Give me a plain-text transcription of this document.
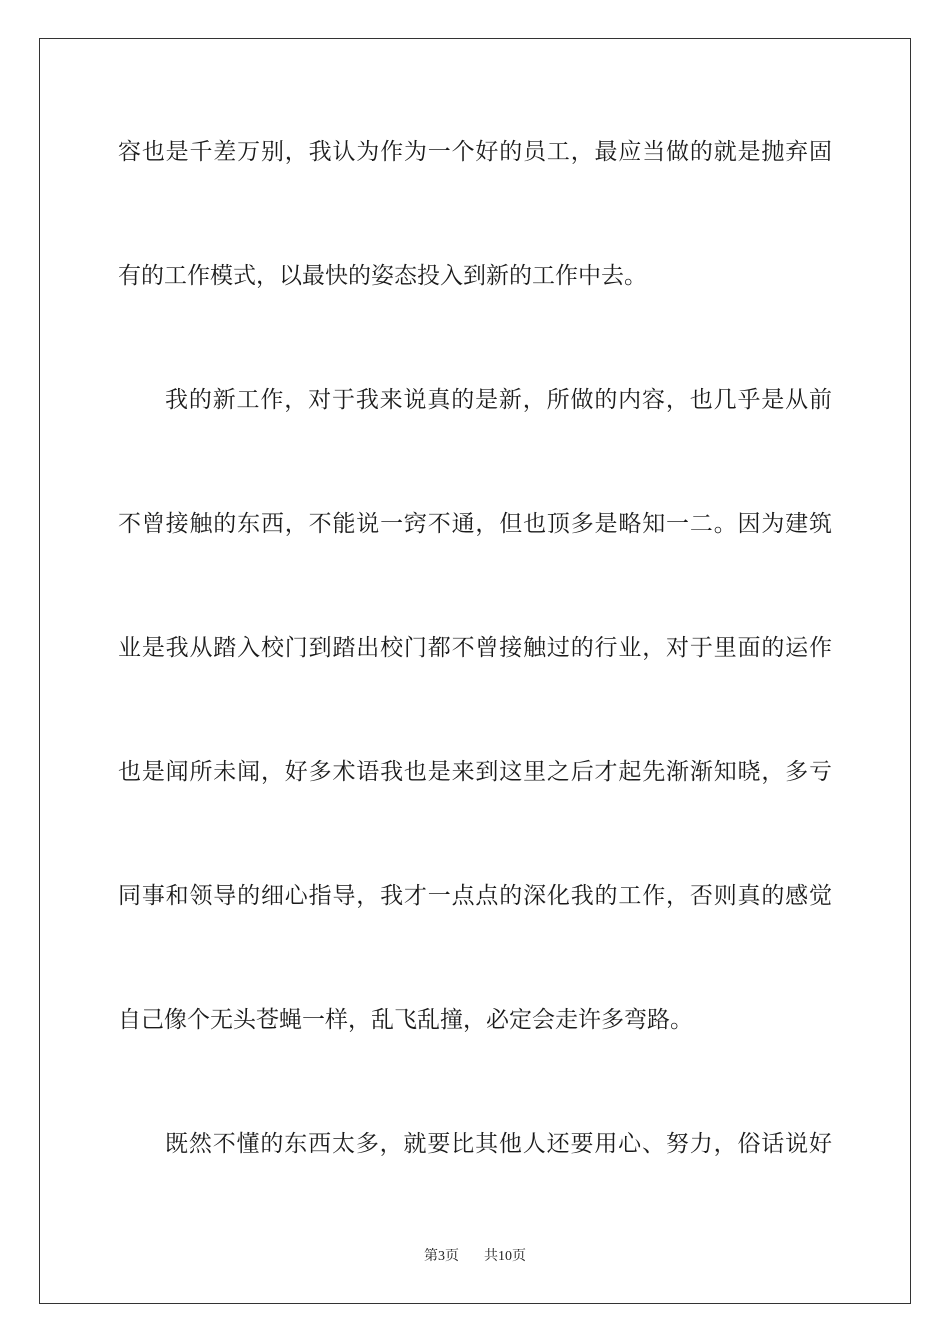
容也是千差万别，我认为作为一个好的员工，最应当做的就是抛弃固
有的工作模式，以最快的姿态投入到新的工作中去。
我的新工作，对于我来说真的是新，所做的内容，也几乎是从前
不曾接触的东西，不能说一窍不通，但也顶多是略知一二。因为建筑
业是我从踏入校门到踏出校门都不曾接触过的行业，对于里面的运作
也是闻所未闻，好多术语我也是来到这里之后才起先渐渐知晓，多亏
同事和领导的细心指导，我才一点点的深化我的工作，否则真的感觉
自己像个无头苍蝇一样，乱飞乱撞，必定会走许多弯路。
既然不懂的东西太多，就要比其他人还要用心、努力，俗话说好
第3页 共10页
